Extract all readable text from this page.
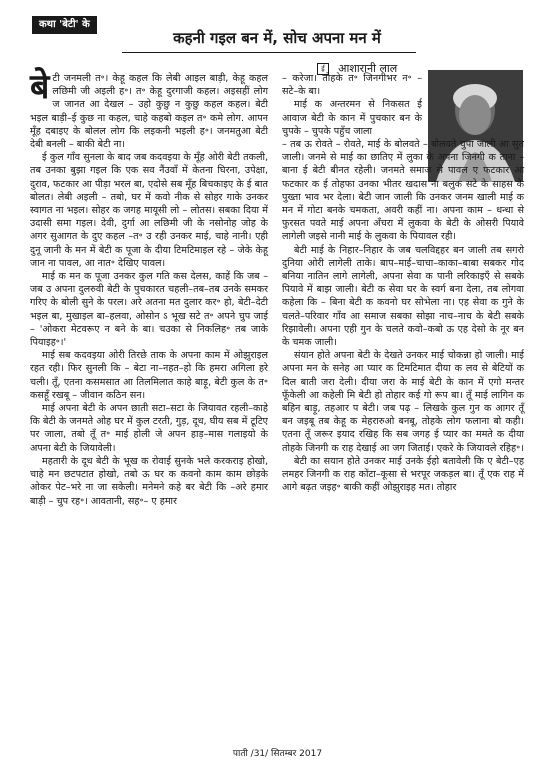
कथा 'बेटी' के
कहनी गइल बन में, सोच अपना मन में
ई आशारानी लाल

बेटी जनमली त॰। केहू कहल कि लेबी आइल बाड़ी, केहू कहल लछिमी जी अइली ह॰। त॰ केहू दुरगाजी कहल। अइसहीं लोग ज जानत आ देखल – उहो कुछु न कुछु कहल कहल। बेटी भइल बाड़ी–ई कुछ ना कहल, चाहे कहबो कइल त॰ कमे लोग. आपन मूँह दबाइए के बोलल लोग कि लइकनी भइली ह॰। जनमतुआ बेटी देबी बनली – बाकी बेटी ना।

ई कुल गाँव सुनला के बाद जब कदवइया के मूँह ओरी बेटी तकली, तब उनका बुझा गइल कि एक सव नैंउवाँ में केतना घिरना, उपेक्षा, दुराव, फटकार आ पीड़ा भरल बा, एदोसे सब मूँह बिचकाइए के ई बात बोलत। लेबी अइली – तबो, घर में कवो नीक से सोहर गाके उनकर स्वागत ना भइल। सोहर क जगह मायूसी लो – लोतस। सबका दिया में उदासी समा गइल। देवी, दुर्गा आ लछिमी जी के नसोनोह जोह के अगर सुआगत के दुए कहल –त॰ उ रही उनकर माई, चाहे नानी। एही दुनू जानी के मन में बेटी क पूजा के दीया टिमटिमाइल रहे – जेके केहू जान ना पावल, आ नात॰ देखिए पावल।

माई क मन क पूजा उनकर कुल गति कस देलस, काहें कि जब –जब उ अपना दुलरुवी बेटी के पुचकारत चहली–तब–तब उनके समकर गरिए के बोली सुने के परल। अरे अतना मत दुलार कर॰ हो, बेटी–देटी भइल बा, मुखाइल बा–हलवा, ओसोन ऽ भूख सटे त॰ अपने चुप जाई – 'ओकरा मेटवरूए न बने के बा। चउका से निकलिह॰ तब जाके पियाइह॰।'

माई सब कदवइया ओरी तिरछे ताक के अपना काम में ओझुराइल रहत रही। फिर सुनली कि – बेटा ना–नहत–हो कि हमरा अगिला हरे चली। तूँ, एतना कसमसात आ तिलमिलात काहे बाड़ू, बेटी कुल के त॰ कसहूँ रखबू – जीवान कठिन सन।

माई अपना बेटी के अपन छाती सटा–सटा के जियावत रहली–काहे कि बेटी के जनमते ओह घर में कुल टरती, गुड़, दूध, घीय सब में टूटिए पर जाला, तबो तूँ त॰ माई होली जे अपन हाड़–मास गलाइयो के अपना बेटी के जियावेली।

महतारी के दूध बेटी के भूख क रोवाई सुनके भले करकराइ होखो, चाहे मन छटपटात होखो, तबो ऊ घर क कवनो काम काम छोड़के ओकर पेट–भरे ना जा सकेली। मनेमने कहे बर बेटी कि –अरे हमार बाड़ी – चुप रह॰। आवतानी, सह॰– ए हमार

– करेजा। तोहके त॰ जिनगीभर न॰ – सटे–के बा।

माई क अन्तरमन से निकसत ई आवाज बेटी के कान में पुचकार बन के चुपके – चुपके पहुँच जाला

– तब ऊ रोवते – रोवते, माई के बोलवते – बोलवते चुपा जाली आ सुत जाली। जनमे से माई का छातिए में लुका के अपना जिनगी क ताना – बाना ई बेटी बीनत रहेली। जनमते समाज से पावल ए फटकार आ फटकार क ई तोहफा उनका भीतर खदास ना बलुक सटे के साहस के पुख्ता भाव भर देला। बेटी जान जाली कि उनकर जनम खाली माई क मन में गोटा बनके चमकता, अवरी कहीं ना। अपना काम – धन्धा से फुरसत पवते माई अपना अँचरा में लुकवा के बेटी के ओसरी पियावे लागेली जइसे नानी माई के लुकवा के पियावल रही।

बेटी माई के निहार–निहार के जब चलविद्दहर बन जाली तब सगरो दुनिया ओरी लागेली ताके। बाप–माई–चाचा–काका–बाबा सबकर गोद बनिया नातिन लागे लागेली, अपना सेवा क पानी लरिकाइएँ से सबके पियावे में बाझ जाली। बेटी क सेवा घर के स्वर्ग बना देला, तब लोगवा कहेला कि – बिना बेटी क कवनो घर सोभेला ना। एह सेवा क गुने के चलते–परिवार गाँव आ समाज सबका सोझा नाच–नाच के बेटी सबके रिझावेली। अपना एही गुन के चलते कवो–कबो ऊ एह देसो के नूर बन के चमक जाली।

संयान होते अपना बेटी के देखते उनकर माई चोकन्ना हो जाली। माई अपना मन के सनेह आ प्यार क टिमटिमात दीया क लव से बेटियों क दिल बाती जरा देली। दीया जरा के माई बेटी के कान में एगो मन्तर फूँकेली आ कहेली मि बेटी हो तोहार कई गो रूप बा। तूँ माई लागिन क बहिन बाड़ू, तहआर प बेटी। जब पढ़ – लिखके कुल गुन क आगर तूँ बन जइबू तब केहू क मेहरारुओ बनबू, तोहके लोग फलाना बो कही। एतना तूँ जरूर इयाद रखिह कि सब जगह ई प्यार का ममते क दीया तोहके जिनगी क राह देखाई आ जग जिताई। एकरे के जियावले रहिह॰।

बेटी का सयान होते उनकर माई उनके ईहो बतावेली कि ए बेटी–एह लमहर जिनगी क राह कोंटा–कूसा से भरपूर जकड़ल बा। तूँ एक राह में आगे बढ़त जइह॰ बाकी कहीं ओझुराइह मत। तोहार

पाती /31/ सितम्बर 2017
